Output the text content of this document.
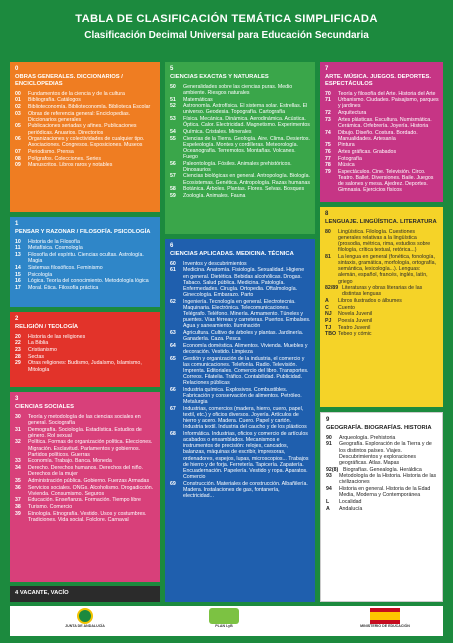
TABLA DE CLASIFICACIÓN TEMÁTICA SIMPLIFICADA
Clasificación Decimal Universal para Educación Secundaria
0
OBRAS GENERALES. DICCIONARIOS / ENCICLOPEDIAS
00	Fundamentos de la ciencia y de la cultura
01	Bibliografía. Catálogos
02	Biblioteconomía. Biblioteconomía. Biblioteca Escolar
03	Obras de referencia general: Enciclopedias. Diccionarios generales
05	Publicaciones seriadas y afines. Publicaciones periódicas. Anuarios. Directorios
06	Organizaciones y colectividades de cualquier tipo. Asociaciones. Congresos. Exposiciones. Museos
07	Periodismo. Prensa
08	Polígrafos. Colecciones. Series
09	Manuscritos. Libros raros y notables
1
PENSAR Y RAZONAR / FILOSOFÍA. PSICOLOGÍA
10	Historia de la Filosofía
11	Metafísica. Cosmología
13	Filosofía del espíritu. Ciencias ocultas. Astrología. Magia
14	Sistemas filosóficos. Feminismo
15	Psicología
16	Lógica. Teoría del conocimiento. Metodología lógica
17	Moral. Ética. Filosofía práctica
2
RELIGIÓN / TEOLOGÍA
20	Historia de las religiones
22	La Biblia
23	Cristianismo
28	Sectas
29	Otras religiones: Budismo, Judaísmo, Islamismo, Mitología
3
CIENCIAS SOCIALES
30	Teoría y metodología de las ciencias sociales en general. Sociografía
31	Demografía. Sociología. Estadística. Estudios de género. Rol sexual
32	Política. Formas de organización política. Elecciones. Migración. Esclavitud. Parlamentos y gobiernos. Partidos políticos. Guerras
33	Economía. Trabajo. Banca. Moneda
34	Derecho. Derechos humanos. Derechos del niño. Derechos de la mujer
35	Administración pública. Gobierno. Fuerzas Armadas
36	Servicios sociales. ONGs. Alcoholismo. Drogadicción. Vivienda. Consumismo. Seguros
37	Educación. Enseñanza. Formación. Tiempo libre
38	Turismo. Comercio
39	Etnología. Etnografía. Vestido. Usos y costumbres. Tradiciones. Vida social. Folclore. Carnaval
4 VACANTE, VACÍO
5
CIENCIAS EXACTAS Y NATURALES
50	Generalidades sobre las ciencias puras. Medio ambiente. Riesgos naturales
51	Matemáticas
52	Astronomía. Astrofísica. El sistema solar. Estrellas. El universo. Geodesia. Topografía. Cartografía
53	Física. Mecánica. Dinámica. Aerodinámica. Acústica. Óptica. Calor. Electricidad. Magnetismo. Experimentos
54	Química. Cristales. Minerales
55	Ciencias de la Tierra. Geología. Aire. Clima. Desiertos. Espeleología. Montes y cordilleras. Meteorología. Oceanografía. Terremotos. Montañas. Volcanes. Fuego
56	Paleontología. Fósiles. Animales prehistóricos. Dinosaurios
57	Ciencias biológicas en general. Antropología. Biología. Ecosistemas. Genética. Antropología. Razas humanas
58	Botánica. Árboles. Plantas. Flores. Selvas. Bosques
59	Zoología. Animales. Fauna
6
CIENCIAS APLICADAS. MEDICINA. TÉCNICA
60	Inventos y descubrimientos
61	Medicina. Anatomía. Fisiología. Sexualidad. Higiene en general. Dietética. Bebidas alcohólicas. Drogas. Tabaco. Salud pública. Medicina. Patología. Enfermedades. Cirugía. Ortopedia. Oftalmología. Ginecología. Embarazo. Parto
62	Ingeniería. Tecnología en general. Electrotecnia. Maquinaria. Electrónica. Telecomunicaciones. Telégrafo. Teléfono. Minería. Armamento. Túneles y puentes. Vías férreas y carreteras. Puertos. Embalses. Agua y saneamiento. Iluminación
63	Agricultura. Cultivo de árboles y plantas. Jardinería. Ganadería. Caza. Pesca
64	Economía doméstica. Alimentos. Vivienda. Muebles y decoración. Vestido. Limpieza
65	Gestión y organización de la industria, el comercio y las comunicaciones. Telefonía. Radio. Televisión. Imprenta. Editoriales. Comercio del libro. Transportes. Correos. Filatelia. Tráfico. Contabilidad. Publicidad. Relaciones públicas
66	Industria química. Explosivos. Combustibles. Fabricación y conservación de alimentos. Petróleo. Metalurgia
67	Industrias, comercios (madera, hierro, cuero, papel, textil, etc.) y oficios diversos. Joyería. Artículos de hierro y acero. Madera. Cuero. Papel y cartón. Industria textil. Industria del caucho y de los plásticos
68	Informática. Industrias, oficios y comercio de artículos acabados o ensamblados. Mecanismos e instrumentos de precisión: relojes, cancados, balanzas, máquinas de escribir, impresoras, ordenadores, espejos, lupas, microscopios... Trabajos de hierro y de forja. Ferretería. Tapicería. Zapatería. Encuadernación. Papelería. Vestido y ropa. Aparatos. Comercio
69	Construcción. Materiales de construcción. Albañilería. Madera. Instalaciones de gas, fontanería, electricidad...
7
ARTE. MÚSICA. JUEGOS. DEPORTES. ESPECTÁCULOS
70	Teoría y filosofía del Arte. Historia del Arte
71	Urbanismo. Ciudades. Paisajismo, parques y jardines
72	Arquitectura
73	Artes plásticas. Escultura. Numismática. Cerámica. Orfebrería. Joyería. Historia
74	Dibujo. Diseño. Costura. Bordado. Manualidades. Artesanía
75	Pintura
76	Artes gráficas. Grabados
77	Fotografía
78	Música
79	Espectáculos. Cine. Televisión. Circo. Teatro. Ballet. Diversiones. Baile. Juegos de salones y mesa. Ajedrez. Deportes. Gimnasia. Ejercicios físicos
8
LENGUAJE. LINGÜÍSTICA. LITERATURA
80	Lingüística. Filología. Cuestiones generales relativas a la lingüística (prosodia, métrica, rima, estudios sobre filología, crítica textual, retórica...)
81	La lengua en general (fonética, fonología, sintaxis, gramática, morfología, ortografía, semántica, lexicología...). Lenguas: alemán, español, francés, inglés, latín, griego
82/89 Literaturas y obras literarias de las distintas lenguas
A	Libros ilustrados o álbumes
C	Cuento
NJ	Novela Juvenil
PJ	Poesía Juvenil
TJ	Teatro Juvenil
TBO Tebeo y cómic
9
GEOGRAFÍA. BIOGRAFÍAS. HISTORIA
90	Arqueología. Prehistoria
91	Geografía. Exploración de la Tierra y de los distintos países. Viajes. Descubrimientos y exploraciones geográficas. Atlas. Mapas
92(8) Biografías. Genealogía. Heráldica
93	Metodología de la Historia. Historia de las civilizaciones
94	Historia en general. Historia de la Edad Media, Moderna y Contemporánea
L	Localidad
A	Andalucía
JUNTA DE ANDALUCÍA	PLAN LyB	MINISTERIO DE EDUCACIÓN
